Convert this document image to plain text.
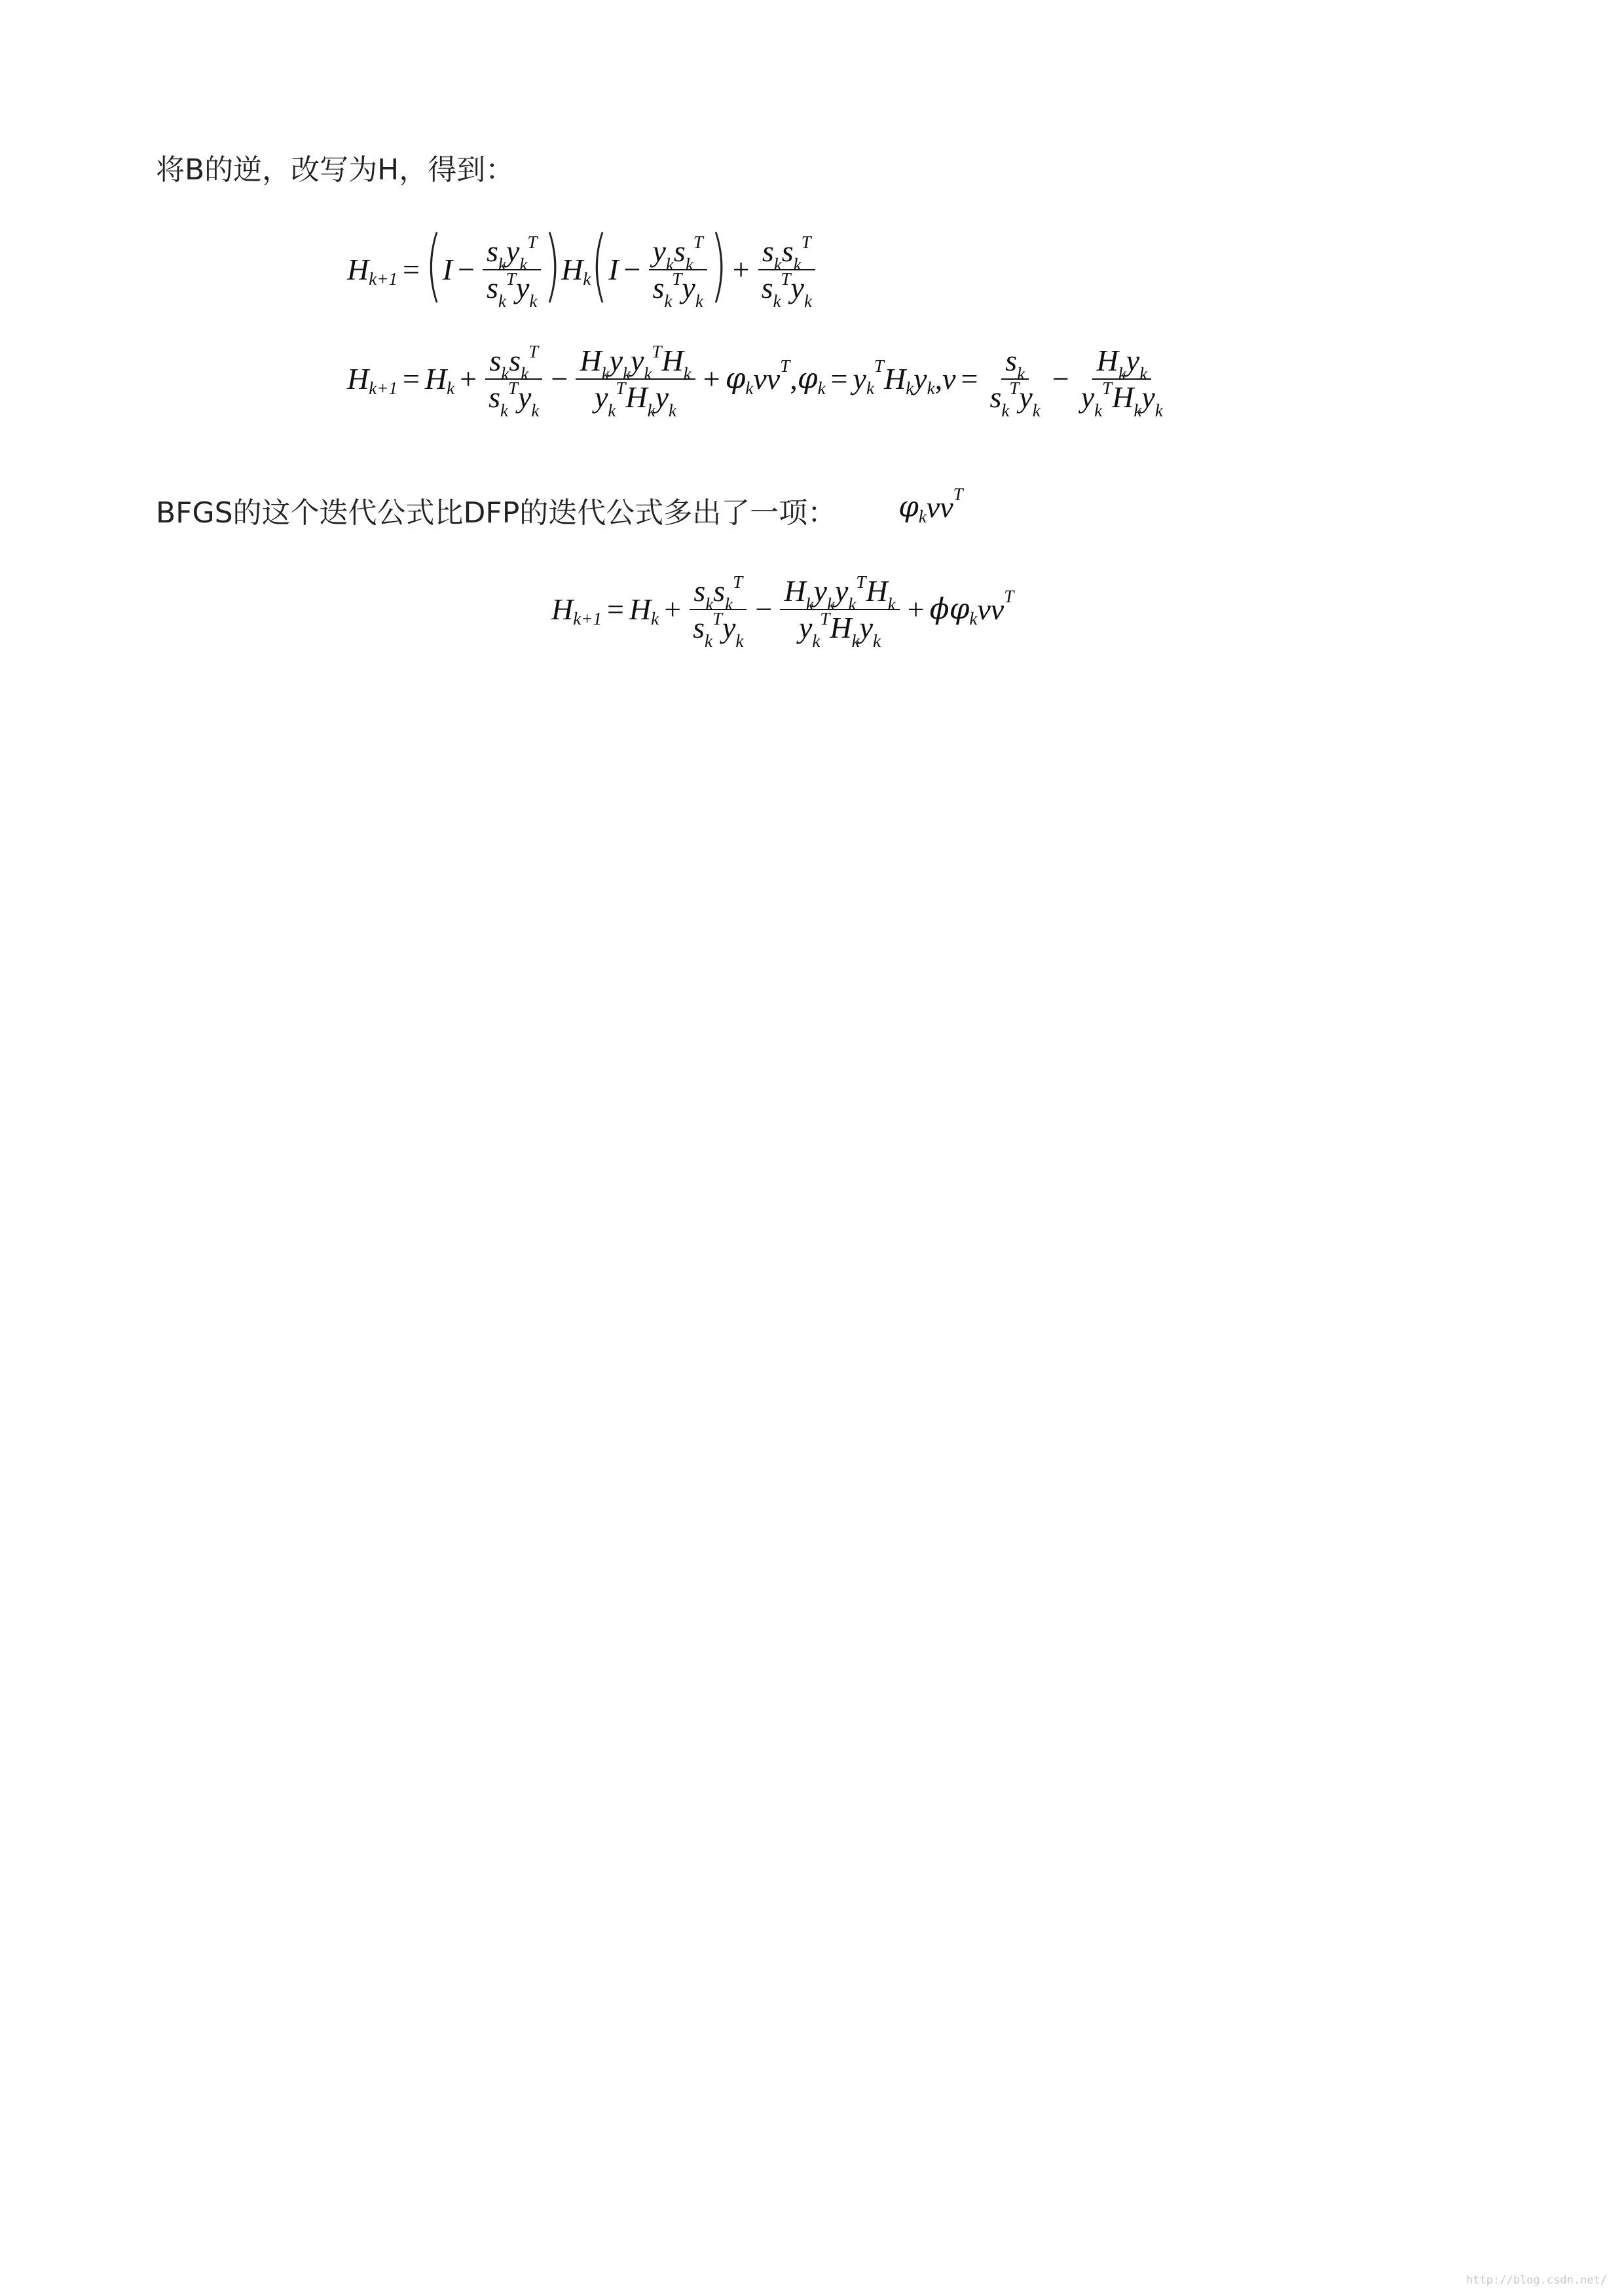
将B的逆，改写为H，得到：
H k+1 = ( $I - \frac{\text{skykT}}{\text{skTyk}}$ ) H k ( $I - \frac{\text{ykskT}}{\text{skTyk}}$ ) + $\frac{\text{skskT}}{\text{skTyk}}$
H k+1 = H $k + \frac{\text{skskT}}{\text{skTyk}} - \frac{\text{HkykykTHk}}{\text{ykTHkyk}} + \varphi$ k vv T , φ k = y k
T H k y k , $v = \frac{sk}{\text{skTyk}} - \frac{\text{Hkyk}}{\text{ykTHkyk}}$
BFGS的这个迭代公式比DFP的迭代公式多出了一项： φ k vv T
H k+1 = H $k + \frac{\text{skskT}}{\text{skTyk}} - \frac{\text{HkykykTHk}}{\text{ykTHkyk}} + \phi$ φ k vv T
http://blog.csdn.net/
